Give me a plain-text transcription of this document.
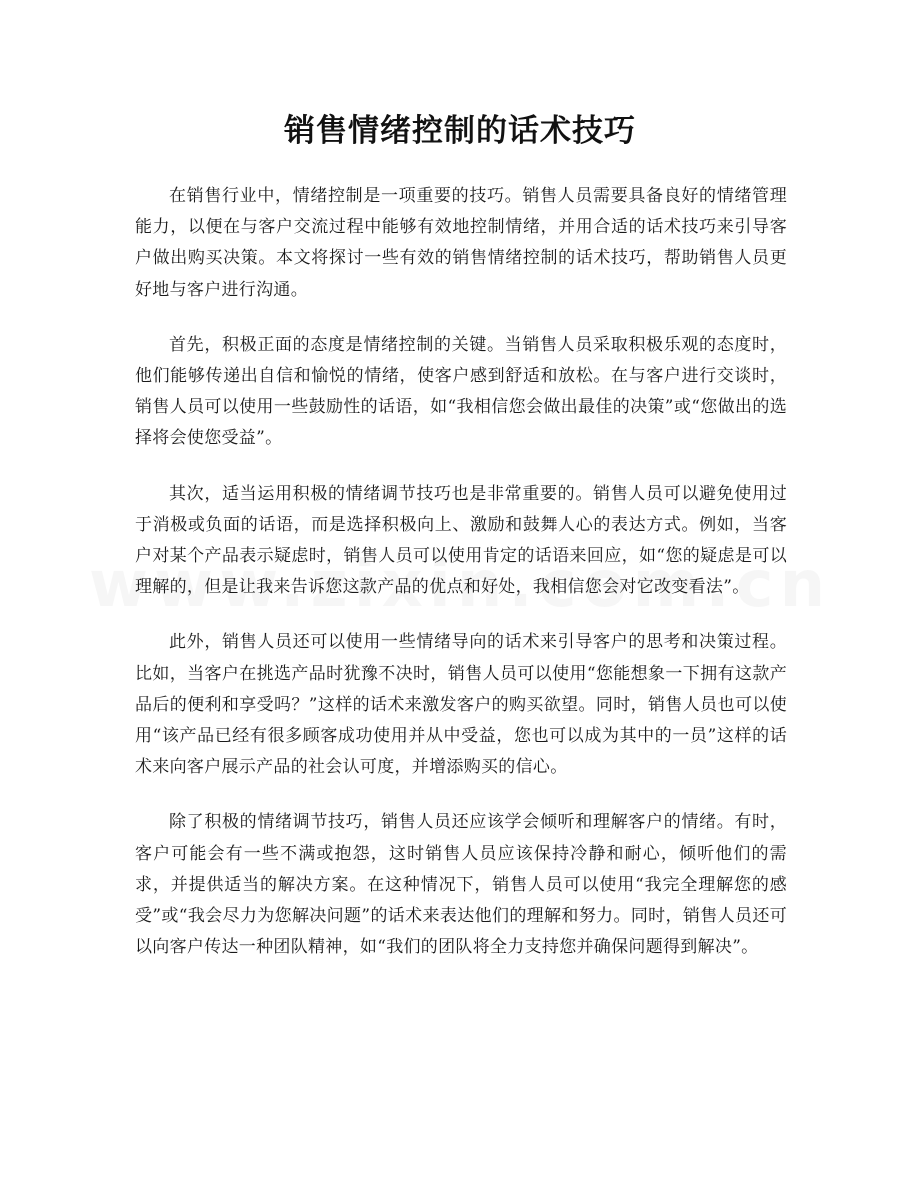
销售情绪控制的话术技巧

在销售行业中，情绪控制是一项重要的技巧。销售人员需要具备良好的情绪管理能力，以便在与客户交流过程中能够有效地控制情绪，并用合适的话术技巧来引导客户做出购买决策。本文将探讨一些有效的销售情绪控制的话术技巧，帮助销售人员更好地与客户进行沟通。

首先，积极正面的态度是情绪控制的关键。当销售人员采取积极乐观的态度时，他们能够传递出自信和愉悦的情绪，使客户感到舒适和放松。在与客户进行交谈时，销售人员可以使用一些鼓励性的话语，如“我相信您会做出最佳的决策”或“您做出的选择将会使您受益”。

其次，适当运用积极的情绪调节技巧也是非常重要的。销售人员可以避免使用过于消极或负面的话语，而是选择积极向上、激励和鼓舞人心的表达方式。例如，当客户对某个产品表示疑虑时，销售人员可以使用肯定的话语来回应，如“您的疑虑是可以理解的，但是让我来告诉您这款产品的优点和好处，我相信您会对它改变看法”。

此外，销售人员还可以使用一些情绪导向的话术来引导客户的思考和决策过程。比如，当客户在挑选产品时犹豫不决时，销售人员可以使用“您能想象一下拥有这款产品后的便利和享受吗？”这样的话术来激发客户的购买欲望。同时，销售人员也可以使用“该产品已经有很多顾客成功使用并从中受益，您也可以成为其中的一员”这样的话术来向客户展示产品的社会认可度，并增添购买的信心。

除了积极的情绪调节技巧，销售人员还应该学会倾听和理解客户的情绪。有时，客户可能会有一些不满或抱怨，这时销售人员应该保持冷静和耐心，倾听他们的需求，并提供适当的解决方案。在这种情况下，销售人员可以使用“我完全理解您的感受”或“我会尽力为您解决问题”的话术来表达他们的理解和努力。同时，销售人员还可以向客户传达一种团队精神，如“我们的团队将全力支持您并确保问题得到解决”。
